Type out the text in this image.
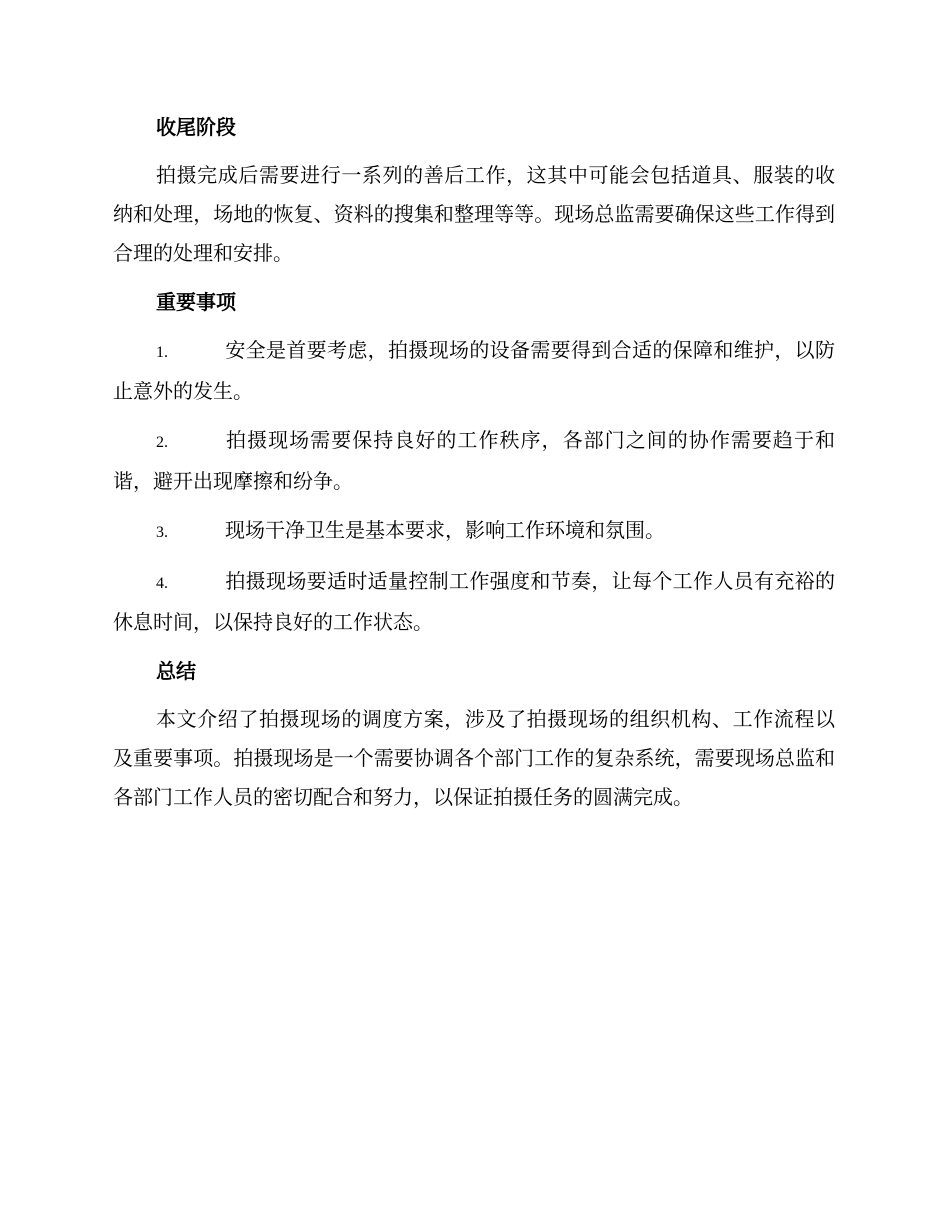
收尾阶段

拍摄完成后需要进行一系列的善后工作，这其中可能会包括道具、服装的收纳和处理，场地的恢复、资料的搜集和整理等等。现场总监需要确保这些工作得到合理的处理和安排。

重要事项

1.	安全是首要考虑，拍摄现场的设备需要得到合适的保障和维护，以防止意外的发生。

2.	拍摄现场需要保持良好的工作秩序，各部门之间的协作需要趋于和谐，避开出现摩擦和纷争。

3.	现场干净卫生是基本要求，影响工作环境和氛围。

4.	拍摄现场要适时适量控制工作强度和节奏，让每个工作人员有充裕的休息时间，以保持良好的工作状态。

总结

本文介绍了拍摄现场的调度方案，涉及了拍摄现场的组织机构、工作流程以及重要事项。拍摄现场是一个需要协调各个部门工作的复杂系统，需要现场总监和各部门工作人员的密切配合和努力，以保证拍摄任务的圆满完成。
